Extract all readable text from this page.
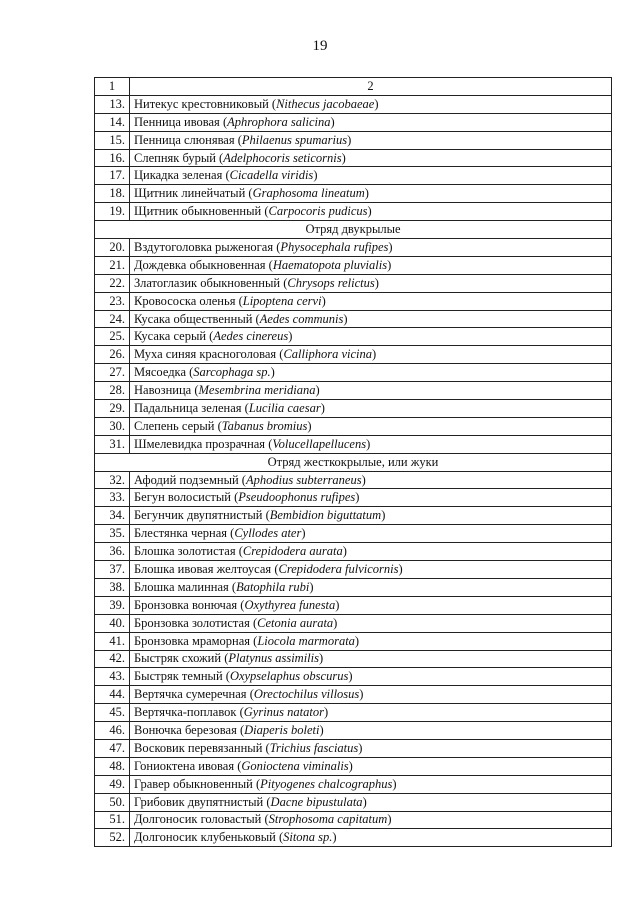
19
1	2
13.	Нитекус крестовниковый (Nithecus jacobaeae)
14.	Пенница ивовая (Aphrophora salicina)
15.	Пенница слюнявая (Philaenus spumarius)
16.	Слепняк бурый (Adelphocoris seticornis)
17.	Цикадка зеленая (Cicadella viridis)
18.	Щитник линейчатый (Graphosoma lineatum)
19.	Щитник обыкновенный (Carpocoris pudicus)
Отряд двукрылые	
20.	Вздутоголовка рыженогая (Physocephala rufipes)
21.	Дождевка обыкновенная (Haematopota pluvialis)
22.	Златоглазик обыкновенный (Chrysops relictus)
23.	Кровососка оленья (Lipoptena cervi)
24.	Кусака общественный (Aedes communis)
25.	Кусака серый (Aedes cinereus)
26.	Муха синяя красноголовая (Calliphora vicina)
27.	Мясоедка (Sarcophaga sp.)
28.	Навозница (Mesembrina meridiana)
29.	Падальница зеленая (Lucilia caesar)
30.	Слепень серый (Tabanus bromius)
31.	Шмелевидка прозрачная (Volucellapellucens)
Отряд жесткокрылые, или жуки	
32.	Афодий подземный (Aphodius subterraneus)
33.	Бегун волосистый (Pseudoophonus rufipes)
34.	Бегунчик двупятнистый (Bembidion biguttatum)
35.	Блестянка черная (Cyllodes ater)
36.	Блошка золотистая (Crepidodera aurata)
37.	Блошка ивовая желтоусая (Crepidodera fulvicornis)
38.	Блошка малинная (Batophila rubi)
39.	Бронзовка вонючая (Oxythyrea funesta)
40.	Бронзовка золотистая (Cetonia aurata)
41.	Бронзовка мраморная (Liocola marmorata)
42.	Быстряк схожий (Platynus assimilis)
43.	Быстряк темный (Oxypselaphus obscurus)
44.	Вертячка сумеречная (Orectochilus villosus)
45.	Вертячка-поплавок (Gyrinus natator)
46.	Вонючка березовая (Diaperis boleti)
47.	Восковик перевязанный (Trichius fasciatus)
48.	Гониоктена ивовая (Gonioctena viminalis)
49.	Гравер обыкновенный (Pityogenes chalcographus)
50.	Грибовик двупятнистый (Dacne bipustulata)
51.	Долгоносик головастый (Strophosoma capitatum)
52.	Долгоносик клубеньковый (Sitona sp.)
